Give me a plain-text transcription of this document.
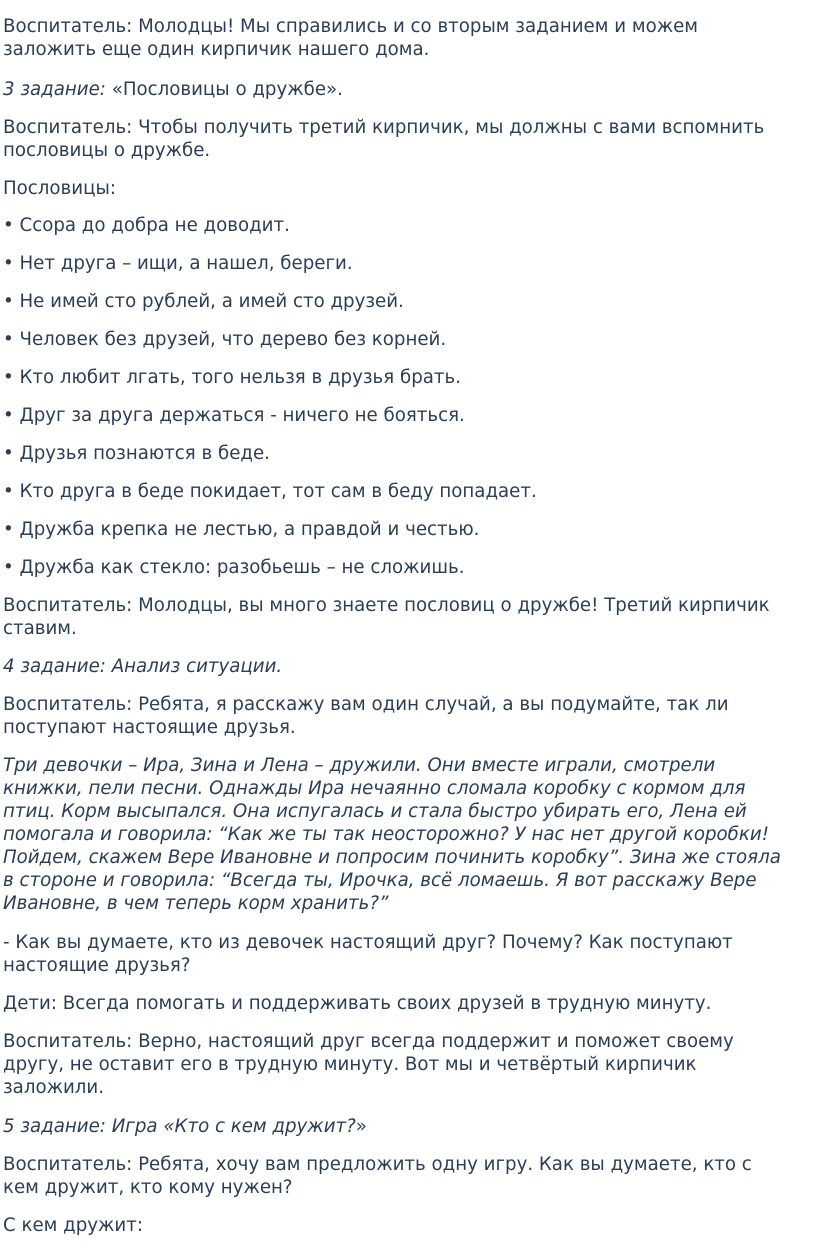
Воспитатель: Молодцы! Мы справились и со вторым заданием и можем
заложить еще один кирпичик нашего дома.

3 задание: «Пословицы о дружбе».

Воспитатель: Чтобы получить третий кирпичик, мы должны с вами вспомнить
пословицы о дружбе.

Пословицы:

• Ссора до добра не доводит.

• Нет друга – ищи, а нашел, береги.

• Не имей сто рублей, а имей сто друзей.

• Человек без друзей, что дерево без корней.

• Кто любит лгать, того нельзя в друзья брать.

• Друг за друга держаться - ничего не бояться.

• Друзья познаются в беде.

• Кто друга в беде покидает, тот сам в беду попадает.

• Дружба крепка не лестью, а правдой и честью.

• Дружба как стекло: разобьешь – не сложишь.

Воспитатель: Молодцы, вы много знаете пословиц о дружбе! Третий кирпичик
ставим.

4 задание: Анализ ситуации.

Воспитатель: Ребята, я расскажу вам один случай, а вы подумайте, так ли
поступают настоящие друзья.

Три девочки – Ира, Зина и Лена – дружили. Они вместе играли, смотрели
книжки, пели песни. Однажды Ира нечаянно сломала коробку с кормом для
птиц. Корм высыпался. Она испугалась и стала быстро убирать его, Лена ей
помогала и говорила: “Как же ты так неосторожно? У нас нет другой коробки!
Пойдем, скажем Вере Ивановне и попросим починить коробку”. Зина же стояла
в стороне и говорила: “Всегда ты, Ирочка, всё ломаешь. Я вот расскажу Вере
Ивановне, в чем теперь корм хранить?”

- Как вы думаете, кто из девочек настоящий друг? Почему? Как поступают
настоящие друзья?

Дети: Всегда помогать и поддерживать своих друзей в трудную минуту.

Воспитатель: Верно, настоящий друг всегда поддержит и поможет своему
другу, не оставит его в трудную минуту. Вот мы и четвёртый кирпичик
заложили.

5 задание: Игра «Кто с кем дружит?»

Воспитатель: Ребята, хочу вам предложить одну игру. Как вы думаете, кто с
кем дружит, кто кому нужен?

С кем дружит:
